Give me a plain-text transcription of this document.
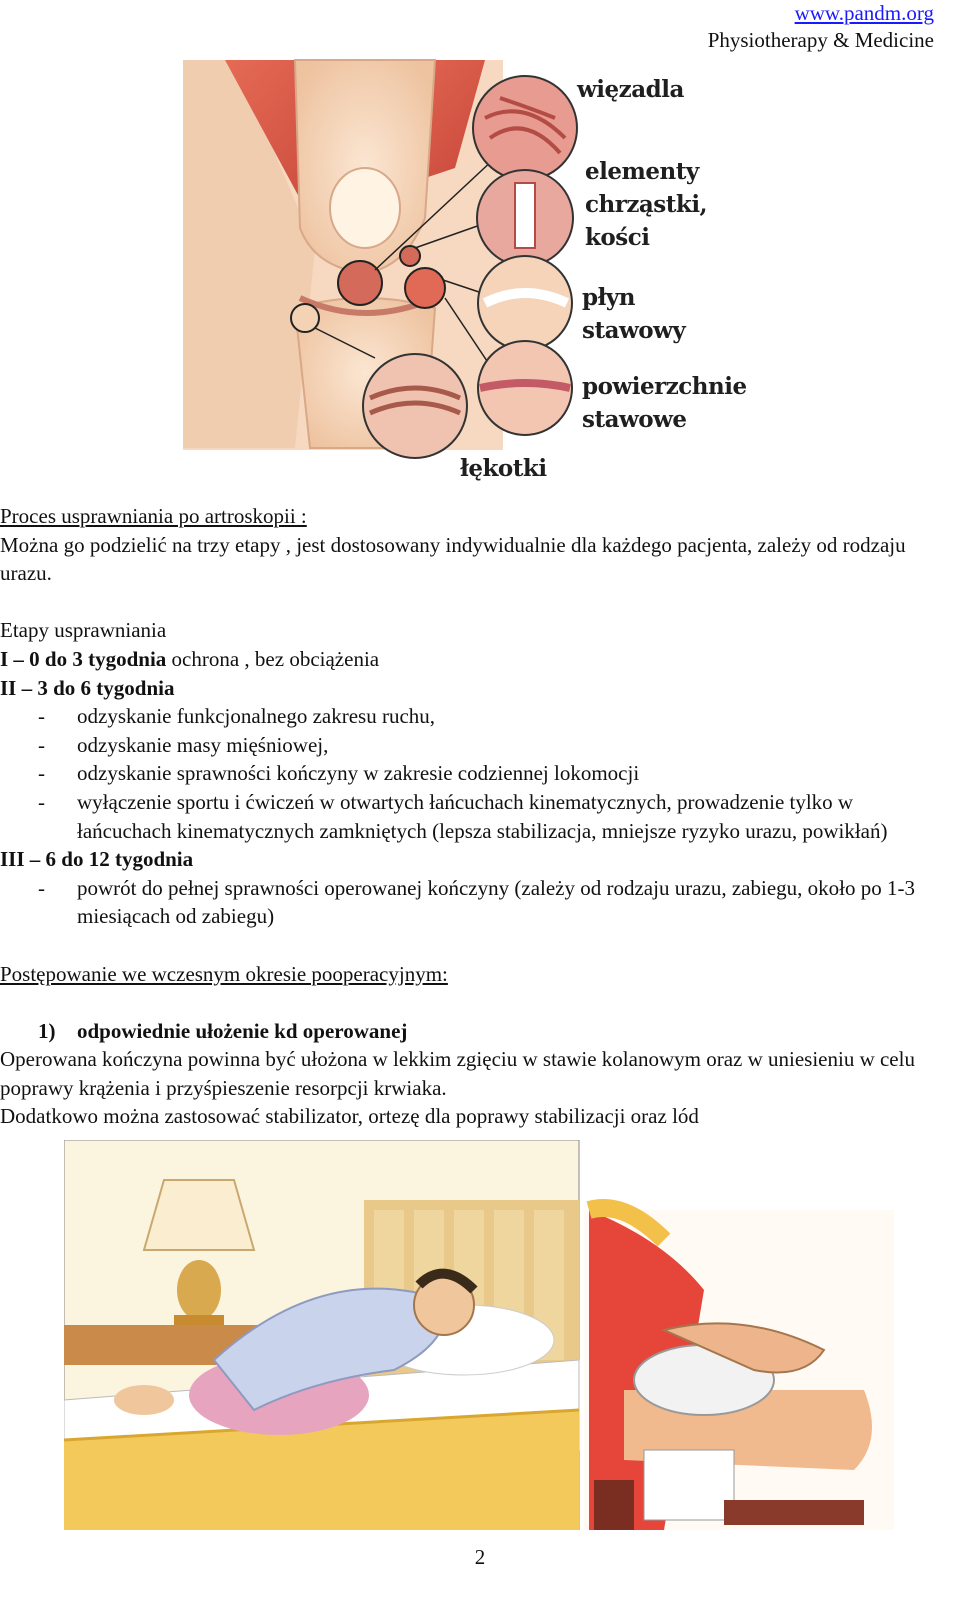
www.pandm.org
Physiotherapy & Medicine
więzadla
elementy
chrząstki,
kości
płyn
stawowy
powierzchnie
stawowe
łękotki

Proces usprawniania po artroskopii :

Można go podzielić na trzy etapy , jest dostosowany indywidualnie dla każdego pacjenta, zależy od rodzaju urazu.

Etapy usprawniania

I – 0 do 3 tygodnia ochrona , bez obciążenia

II – 3 do 6 tygodnia

- odzyskanie funkcjonalnego zakresu ruchu,
- odzyskanie masy mięśniowej,
- odzyskanie sprawności kończyny w zakresie codziennej lokomocji
- wyłączenie sportu i ćwiczeń w otwartych łańcuchach kinematycznych, prowadzenie tylko w łańcuchach kinematycznych zamkniętych (lepsza stabilizacja, mniejsze ryzyko urazu, powikłań)

III – 6 do 12 tygodnia

- powrót do pełnej sprawności operowanej kończyny (zależy od rodzaju urazu, zabiegu, około po 1-3 miesiącach od zabiegu)

Postępowanie we wczesnym okresie pooperacyjnym:

1) odpowiednie ułożenie kd operowanej

Operowana kończyna powinna być ułożona w lekkim zgięciu w stawie kolanowym oraz w uniesieniu w celu poprawy krążenia i przyśpieszenie resorpcji krwiaka.

Dodatkowo można zastosować stabilizator, ortezę dla poprawy stabilizacji oraz lód

2
